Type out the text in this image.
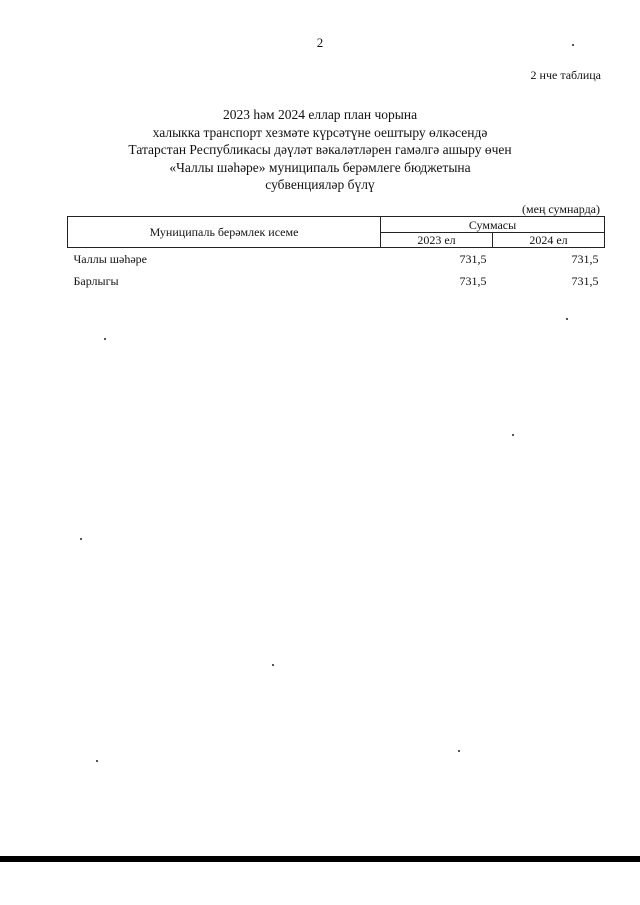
2
2 нче таблица
2023 һәм 2024 еллар план чорына
халыкка транспорт хезмәте күрсәтүне оештыру өлкәсендә
Татарстан Республикасы дәүләт вәкаләтләрен гамәлгә ашыру өчен
«Чаллы шәһәре» муниципаль берәмлеге бюджетына
субвенцияләр бүлү
(мең сумнарда)
Муниципаль берәмлек исеме	Суммасы	
	2023 ел	2024 ел
Чаллы шәһәре	731,5	731,5
Барлыгы	731,5	731,5
